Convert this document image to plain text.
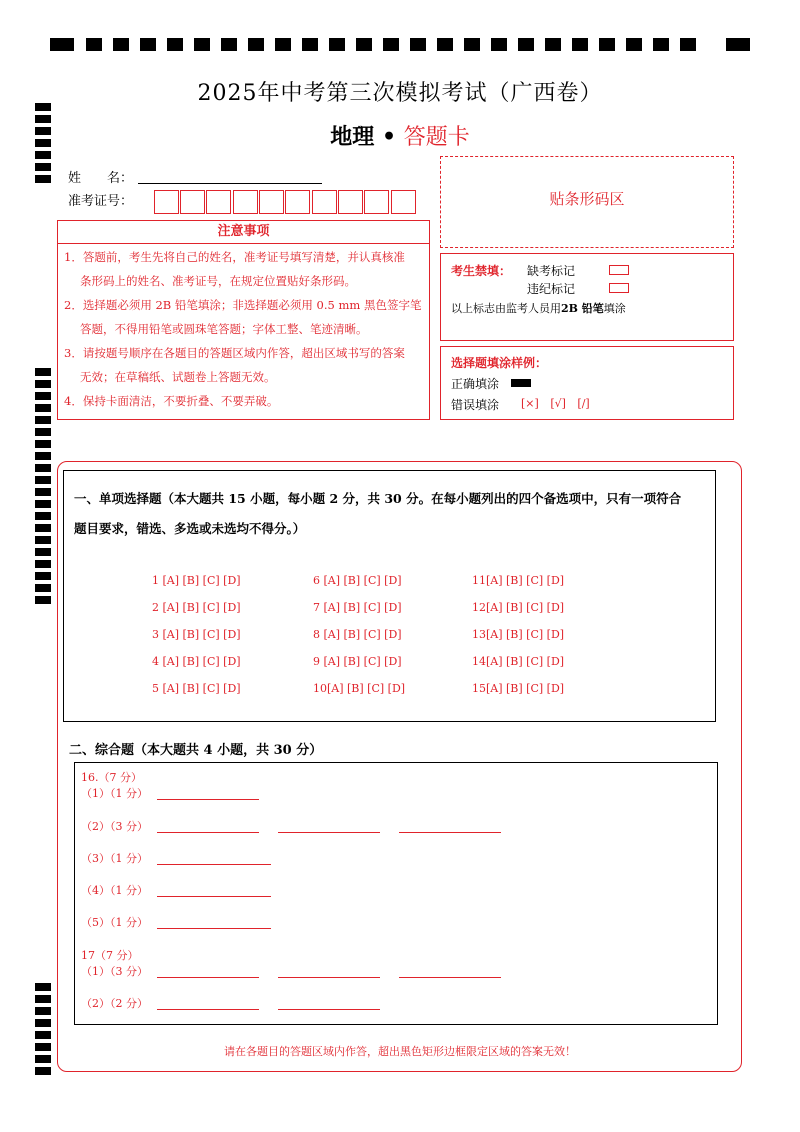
2025年中考第三次模拟考试（广西卷）
地理 • 答题卡
姓　　名：
准考证号：	贴条形码区
注意事项
1．答题前，考生先将自己的姓名，准考证号填写清楚，并认真核准
条形码上的姓名、准考证号，在规定位置贴好条形码。
2．选择题必须用 2B 铅笔填涂；非选择题必须用 0.5 mm 黑色签字笔
答题，不得用铅笔或圆珠笔答题；字体工整、笔迹清晰。
3．请按题号顺序在各题目的答题区域内作答，超出区域书写的答案
无效；在草稿纸、试题卷上答题无效。
4．保持卡面清洁，不要折叠、不要弄破。
考生禁填： 缺考标记
违纪标记
以上标志由监考人员用2B 铅笔填涂
选择题填涂样例：
正确填涂
错误填涂 [×] [√] [/]
一、单项选择题（本大题共 15 小题，每小题 2 分，共 30 分。在每小题列出的四个备选项中，只有一项符合
题目要求，错选、多选或未选均不得分。）
1 [A] [B] [C] [D]	6 [A] [B] [C] [D]	11[A] [B] [C] [D]
2 [A] [B] [C] [D]	7 [A] [B] [C] [D]	12[A] [B] [C] [D]
3 [A] [B] [C] [D]	8 [A] [B] [C] [D]	13[A] [B] [C] [D]
4 [A] [B] [C] [D]	9 [A] [B] [C] [D]	14[A] [B] [C] [D]
5 [A] [B] [C] [D]	10[A] [B] [C] [D]	15[A] [B] [C] [D]
二、综合题（本大题共 4 小题，共 30 分）
16.（7 分）
（1）（1 分）
（2）（3 分）
（3）（1 分）
（4）（1 分）
（5）（1 分）
17（7 分）
（1）（3 分）
（2）（2 分）
请在各题目的答题区域内作答，超出黑色矩形边框限定区域的答案无效！
